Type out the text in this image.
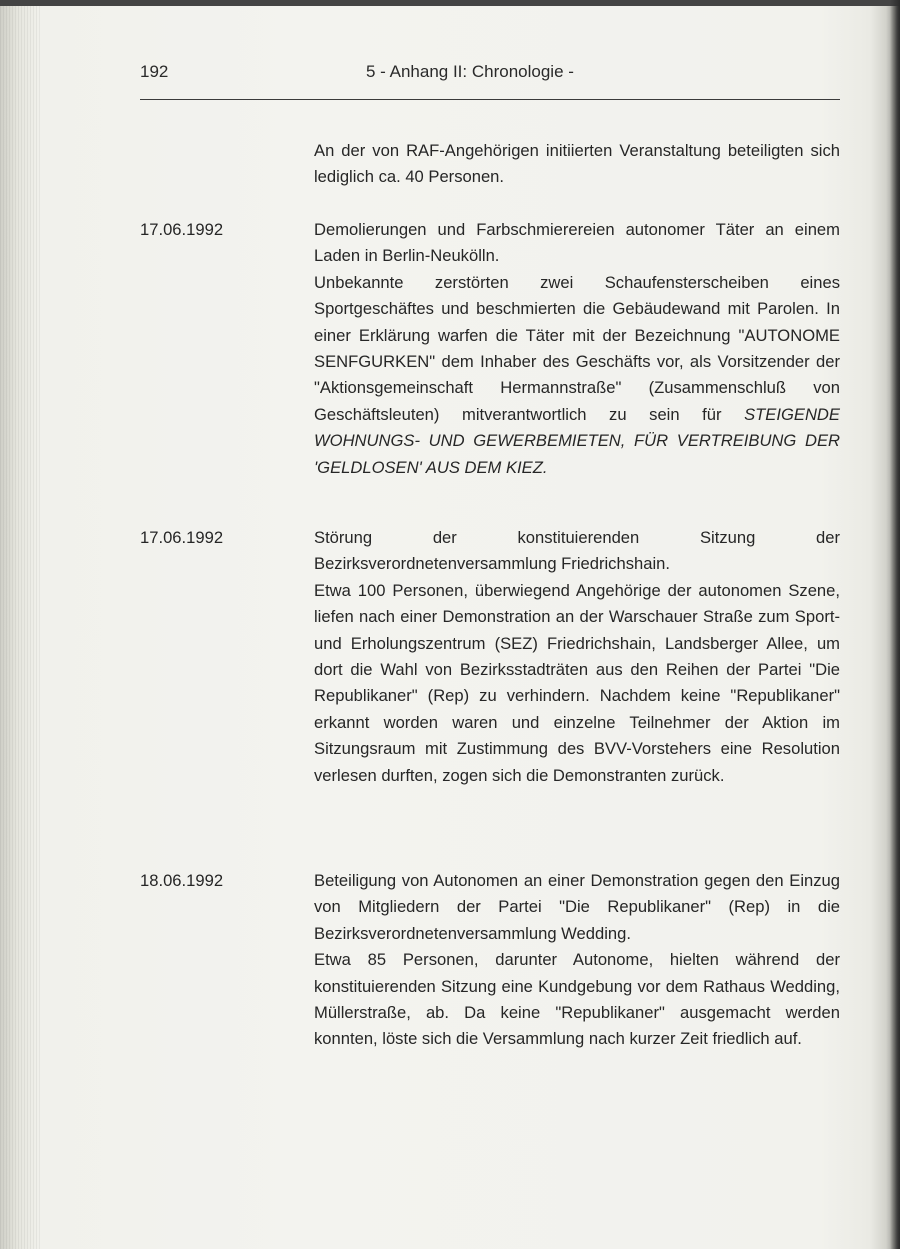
192	5 - Anhang II: Chronologie -

An der von RAF-Angehörigen initiierten Veranstaltung beteiligten sich lediglich ca. 40 Personen.

17.06.1992	Demolierungen und Farbschmierereien autonomer Täter an einem Laden in Berlin-Neukölln.

Unbekannte zerstörten zwei Schaufensterscheiben eines Sportgeschäftes und beschmierten die Gebäudewand mit Parolen. In einer Erklärung warfen die Täter mit der Bezeichnung "AUTONOME SENFGURKEN" dem Inhaber des Geschäfts vor, als Vorsitzender der "Aktionsgemeinschaft Hermannstraße" (Zusammenschluß von Geschäftsleuten) mitverantwortlich zu sein für STEIGENDE WOHNUNGS- UND GEWERBEMIETEN, FÜR VERTREIBUNG DER 'GELDLOSEN' AUS DEM KIEZ.

17.06.1992	Störung der konstituierenden Sitzung der Bezirksverordnetenversammlung Friedrichshain.

Etwa 100 Personen, überwiegend Angehörige der autonomen Szene, liefen nach einer Demonstration an der Warschauer Straße zum Sport- und Erholungszentrum (SEZ) Friedrichshain, Landsberger Allee, um dort die Wahl von Bezirksstadträten aus den Reihen der Partei "Die Republikaner" (Rep) zu verhindern. Nachdem keine "Republikaner" erkannt worden waren und einzelne Teilnehmer der Aktion im Sitzungsraum mit Zustimmung des BVV-Vorstehers eine Resolution verlesen durften, zogen sich die Demonstranten zurück.

18.06.1992	Beteiligung von Autonomen an einer Demonstration gegen den Einzug von Mitgliedern der Partei "Die Republikaner" (Rep) in die Bezirksverordnetenversammlung Wedding.

Etwa 85 Personen, darunter Autonome, hielten während der konstituierenden Sitzung eine Kundgebung vor dem Rathaus Wedding, Müllerstraße, ab. Da keine "Republikaner" ausgemacht werden konnten, löste sich die Versammlung nach kurzer Zeit friedlich auf.
